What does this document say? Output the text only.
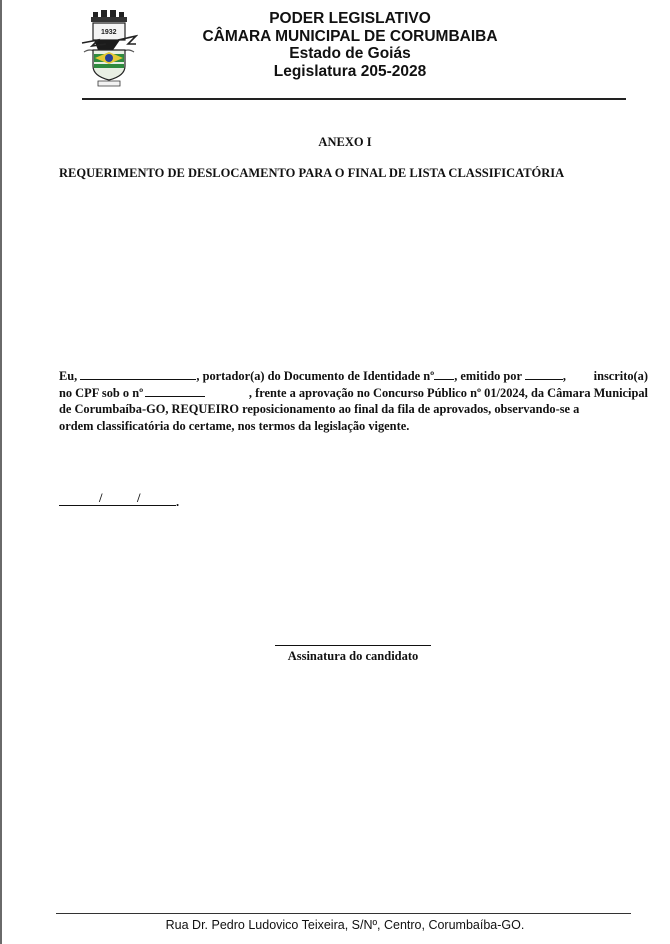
1932
PODER LEGISLATIVO
CÂMARA MUNICIPAL DE CORUMBAIBA
Estado de Goiás
Legislatura 205-2028
ANEXO I
REQUERIMENTO DE DESLOCAMENTO PARA O FINAL DE LISTA CLASSIFICATÓRIA
Eu,	, portador(a) do Documento de Identidade nº , emitido por	, inscrito(a)
no CPF sob o nº	, frente a aprovação no Concurso Público nº 01/2024, da Câmara Municipal
de Corumbaíba-GO, REQUEIRO reposicionamento ao final da fila de aprovados, observando-se a
ordem classificatória do certame, nos termos da legislação vigente.
/	/	.
Assinatura do candidato
Rua Dr. Pedro Ludovico Teixeira, S/Nº, Centro, Corumbaíba-GO.
